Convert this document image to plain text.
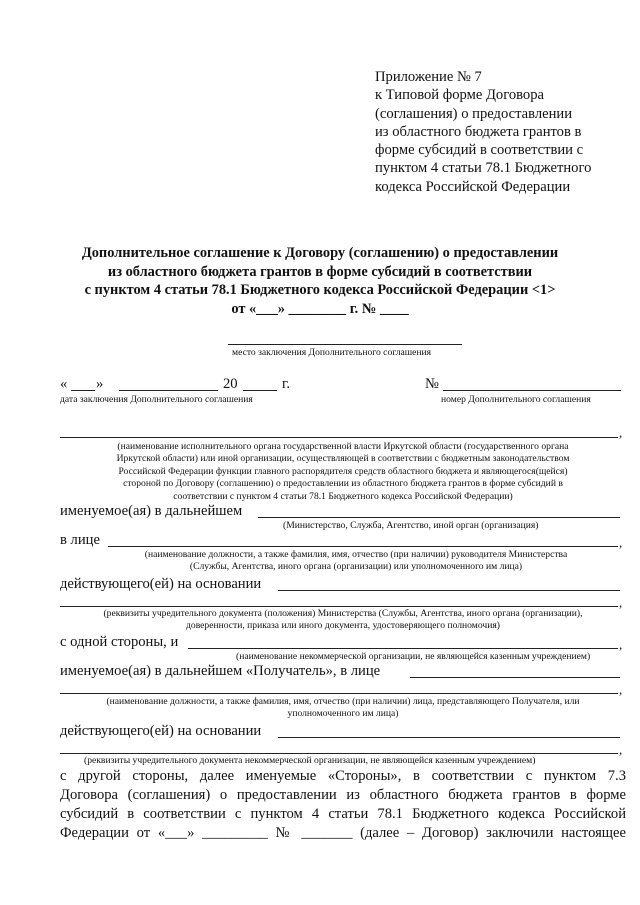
Приложение № 7
к Типовой форме Договора
(соглашения) о предоставлении
из областного бюджета грантов в
форме субсидий в соответствии с
пунктом 4 статьи 78.1 Бюджетного
кодекса Российской Федерации
Дополнительное соглашение к Договору (соглашению) о предоставлении
из областного бюджета грантов в форме субсидий в соответствии
с пунктом 4 статьи 78.1 Бюджетного кодекса Российской Федерации <1>
от «___» ________ г. № ____
место заключения Дополнительного соглашения
« »	20	г.	№
дата заключения Дополнительного соглашения	номер Дополнительного соглашения
,
(наименование исполнительного органа государственной власти Иркутской области (государственного органа
Иркутской области) или иной организации, осуществляющей в соответствии с бюджетным законодательством
Российской Федерации функции главного распорядителя средств областного бюджета и являющегося(щейся)
стороной по Договору (соглашению) о предоставлении из областного бюджета грантов в форме субсидий в
соответствии с пунктом 4 статьи 78.1 Бюджетного кодекса Российской Федерации)
именуемое(ая) в дальнейшем
(Министерство, Служба, Агентство, иной орган (организация)
в лице	,
(наименование должности, а также фамилия, имя, отчество (при наличии) руководителя Министерства
(Службы, Агентства, иного органа (организации) или уполномоченного им лица)
действующего(ей) на основании
,
(реквизиты учредительного документа (положения) Министерства (Службы, Агентства, иного органа (организации),
доверенности, приказа или иного документа, удостоверяющего полномочия)
с одной стороны, и	,
(наименование некоммерческой организации, не являющейся казенным учреждением)
именуемое(ая) в дальнейшем «Получатель», в лице
,
(наименование должности, а также фамилия, имя, отчество (при наличии) лица, представляющего Получателя, или
уполномоченного им лица)
действующего(ей) на основании
,
(реквизиты учредительного документа некоммерческой организации, не являющейся казенным учреждением)
с другой стороны, далее именуемые «Стороны», в соответствии с пунктом 7.3
Договора (соглашения) о предоставлении из областного бюджета грантов в форме
субсидий в соответствии с пунктом 4 статьи 78.1 Бюджетного кодекса Российской
Федерации от «___» _________ № _______ (далее – Договор) заключили настоящее
